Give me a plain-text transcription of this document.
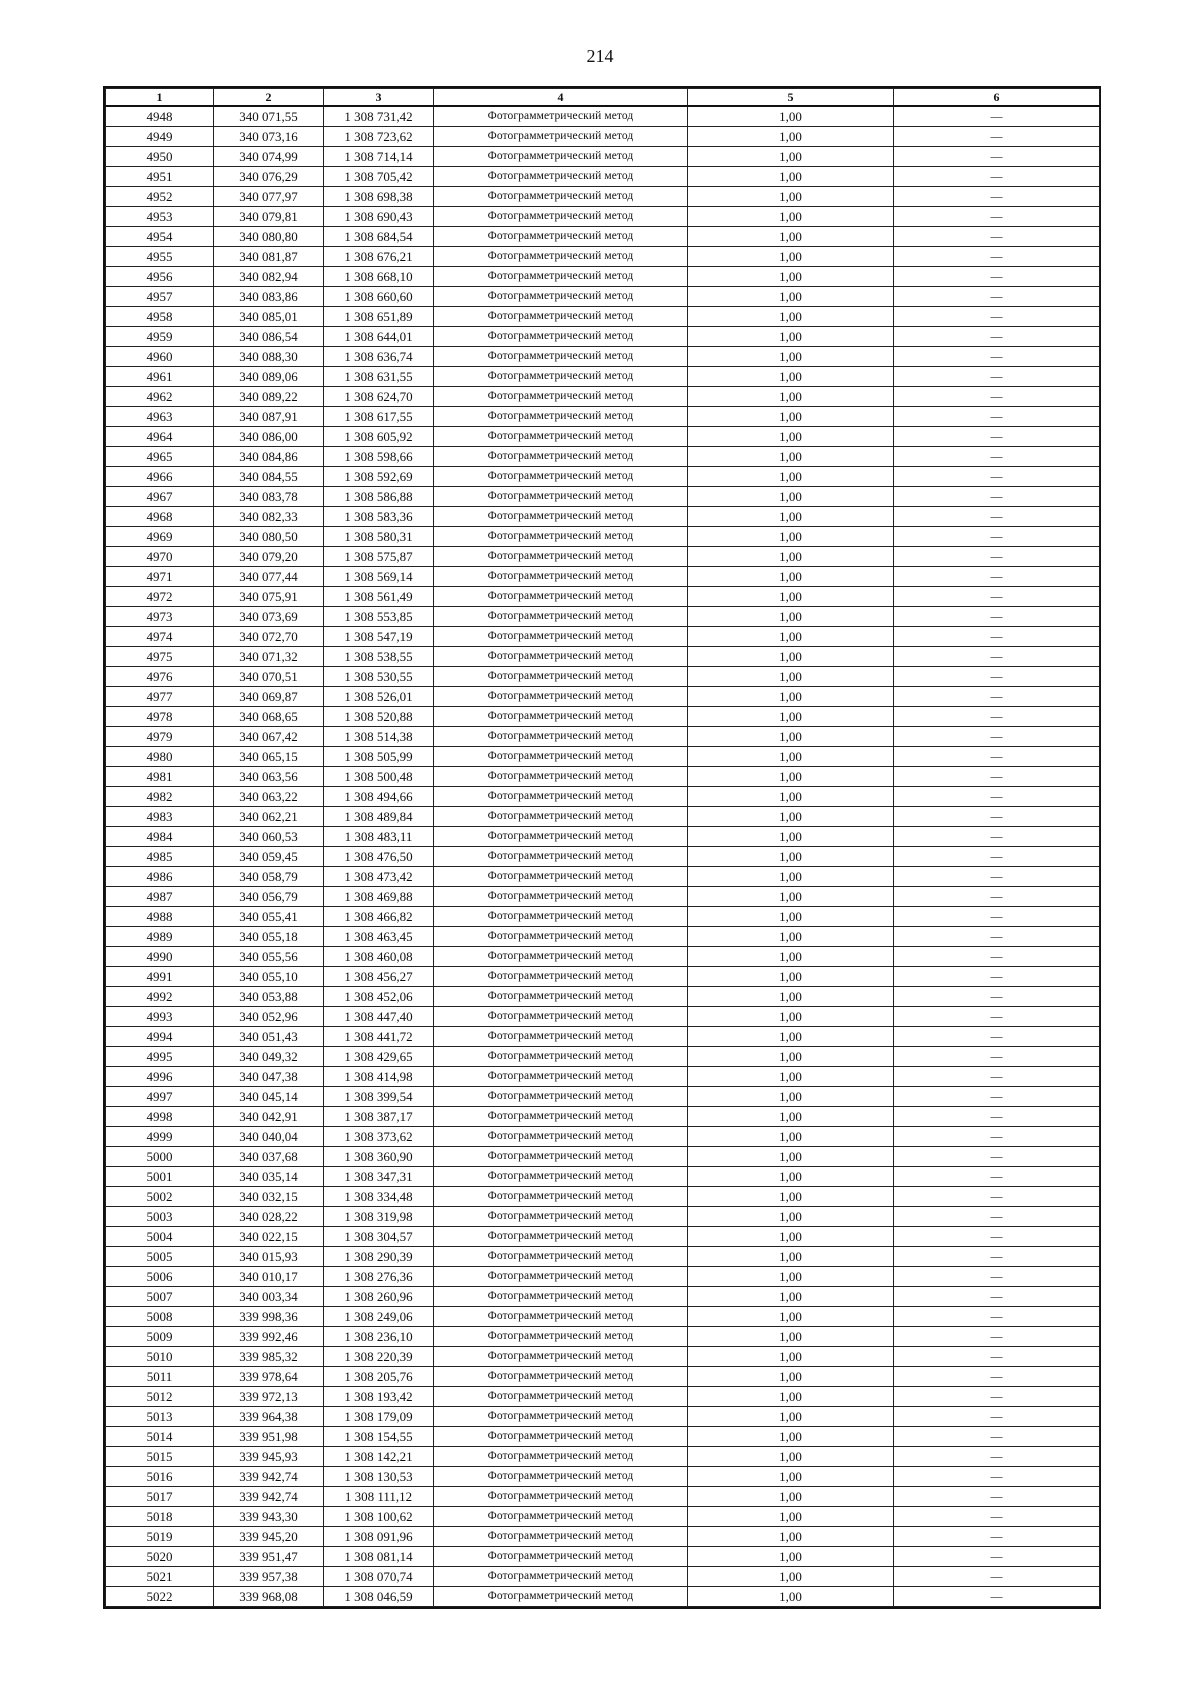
214
1	2	3	4	5	6
4948	340 071,55	1 308 731,42	Фотограмметрический метод	1,00	—
4949	340 073,16	1 308 723,62	Фотограмметрический метод	1,00	—
4950	340 074,99	1 308 714,14	Фотограмметрический метод	1,00	—
4951	340 076,29	1 308 705,42	Фотограмметрический метод	1,00	—
4952	340 077,97	1 308 698,38	Фотограмметрический метод	1,00	—
4953	340 079,81	1 308 690,43	Фотограмметрический метод	1,00	—
4954	340 080,80	1 308 684,54	Фотограмметрический метод	1,00	—
4955	340 081,87	1 308 676,21	Фотограмметрический метод	1,00	—
4956	340 082,94	1 308 668,10	Фотограмметрический метод	1,00	—
4957	340 083,86	1 308 660,60	Фотограмметрический метод	1,00	—
4958	340 085,01	1 308 651,89	Фотограмметрический метод	1,00	—
4959	340 086,54	1 308 644,01	Фотограмметрический метод	1,00	—
4960	340 088,30	1 308 636,74	Фотограмметрический метод	1,00	—
4961	340 089,06	1 308 631,55	Фотограмметрический метод	1,00	—
4962	340 089,22	1 308 624,70	Фотограмметрический метод	1,00	—
4963	340 087,91	1 308 617,55	Фотограмметрический метод	1,00	—
4964	340 086,00	1 308 605,92	Фотограмметрический метод	1,00	—
4965	340 084,86	1 308 598,66	Фотограмметрический метод	1,00	—
4966	340 084,55	1 308 592,69	Фотограмметрический метод	1,00	—
4967	340 083,78	1 308 586,88	Фотограмметрический метод	1,00	—
4968	340 082,33	1 308 583,36	Фотограмметрический метод	1,00	—
4969	340 080,50	1 308 580,31	Фотограмметрический метод	1,00	—
4970	340 079,20	1 308 575,87	Фотограмметрический метод	1,00	—
4971	340 077,44	1 308 569,14	Фотограмметрический метод	1,00	—
4972	340 075,91	1 308 561,49	Фотограмметрический метод	1,00	—
4973	340 073,69	1 308 553,85	Фотограмметрический метод	1,00	—
4974	340 072,70	1 308 547,19	Фотограмметрический метод	1,00	—
4975	340 071,32	1 308 538,55	Фотограмметрический метод	1,00	—
4976	340 070,51	1 308 530,55	Фотограмметрический метод	1,00	—
4977	340 069,87	1 308 526,01	Фотограмметрический метод	1,00	—
4978	340 068,65	1 308 520,88	Фотограмметрический метод	1,00	—
4979	340 067,42	1 308 514,38	Фотограмметрический метод	1,00	—
4980	340 065,15	1 308 505,99	Фотограмметрический метод	1,00	—
4981	340 063,56	1 308 500,48	Фотограмметрический метод	1,00	—
4982	340 063,22	1 308 494,66	Фотограмметрический метод	1,00	—
4983	340 062,21	1 308 489,84	Фотограмметрический метод	1,00	—
4984	340 060,53	1 308 483,11	Фотограмметрический метод	1,00	—
4985	340 059,45	1 308 476,50	Фотограмметрический метод	1,00	—
4986	340 058,79	1 308 473,42	Фотограмметрический метод	1,00	—
4987	340 056,79	1 308 469,88	Фотограмметрический метод	1,00	—
4988	340 055,41	1 308 466,82	Фотограмметрический метод	1,00	—
4989	340 055,18	1 308 463,45	Фотограмметрический метод	1,00	—
4990	340 055,56	1 308 460,08	Фотограмметрический метод	1,00	—
4991	340 055,10	1 308 456,27	Фотограмметрический метод	1,00	—
4992	340 053,88	1 308 452,06	Фотограмметрический метод	1,00	—
4993	340 052,96	1 308 447,40	Фотограмметрический метод	1,00	—
4994	340 051,43	1 308 441,72	Фотограмметрический метод	1,00	—
4995	340 049,32	1 308 429,65	Фотограмметрический метод	1,00	—
4996	340 047,38	1 308 414,98	Фотограмметрический метод	1,00	—
4997	340 045,14	1 308 399,54	Фотограмметрический метод	1,00	—
4998	340 042,91	1 308 387,17	Фотограмметрический метод	1,00	—
4999	340 040,04	1 308 373,62	Фотограмметрический метод	1,00	—
5000	340 037,68	1 308 360,90	Фотограмметрический метод	1,00	—
5001	340 035,14	1 308 347,31	Фотограмметрический метод	1,00	—
5002	340 032,15	1 308 334,48	Фотограмметрический метод	1,00	—
5003	340 028,22	1 308 319,98	Фотограмметрический метод	1,00	—
5004	340 022,15	1 308 304,57	Фотограмметрический метод	1,00	—
5005	340 015,93	1 308 290,39	Фотограмметрический метод	1,00	—
5006	340 010,17	1 308 276,36	Фотограмметрический метод	1,00	—
5007	340 003,34	1 308 260,96	Фотограмметрический метод	1,00	—
5008	339 998,36	1 308 249,06	Фотограмметрический метод	1,00	—
5009	339 992,46	1 308 236,10	Фотограмметрический метод	1,00	—
5010	339 985,32	1 308 220,39	Фотограмметрический метод	1,00	—
5011	339 978,64	1 308 205,76	Фотограмметрический метод	1,00	—
5012	339 972,13	1 308 193,42	Фотограмметрический метод	1,00	—
5013	339 964,38	1 308 179,09	Фотограмметрический метод	1,00	—
5014	339 951,98	1 308 154,55	Фотограмметрический метод	1,00	—
5015	339 945,93	1 308 142,21	Фотограмметрический метод	1,00	—
5016	339 942,74	1 308 130,53	Фотограмметрический метод	1,00	—
5017	339 942,74	1 308 111,12	Фотограмметрический метод	1,00	—
5018	339 943,30	1 308 100,62	Фотограмметрический метод	1,00	—
5019	339 945,20	1 308 091,96	Фотограмметрический метод	1,00	—
5020	339 951,47	1 308 081,14	Фотограмметрический метод	1,00	—
5021	339 957,38	1 308 070,74	Фотограмметрический метод	1,00	—
5022	339 968,08	1 308 046,59	Фотограмметрический метод	1,00	—
